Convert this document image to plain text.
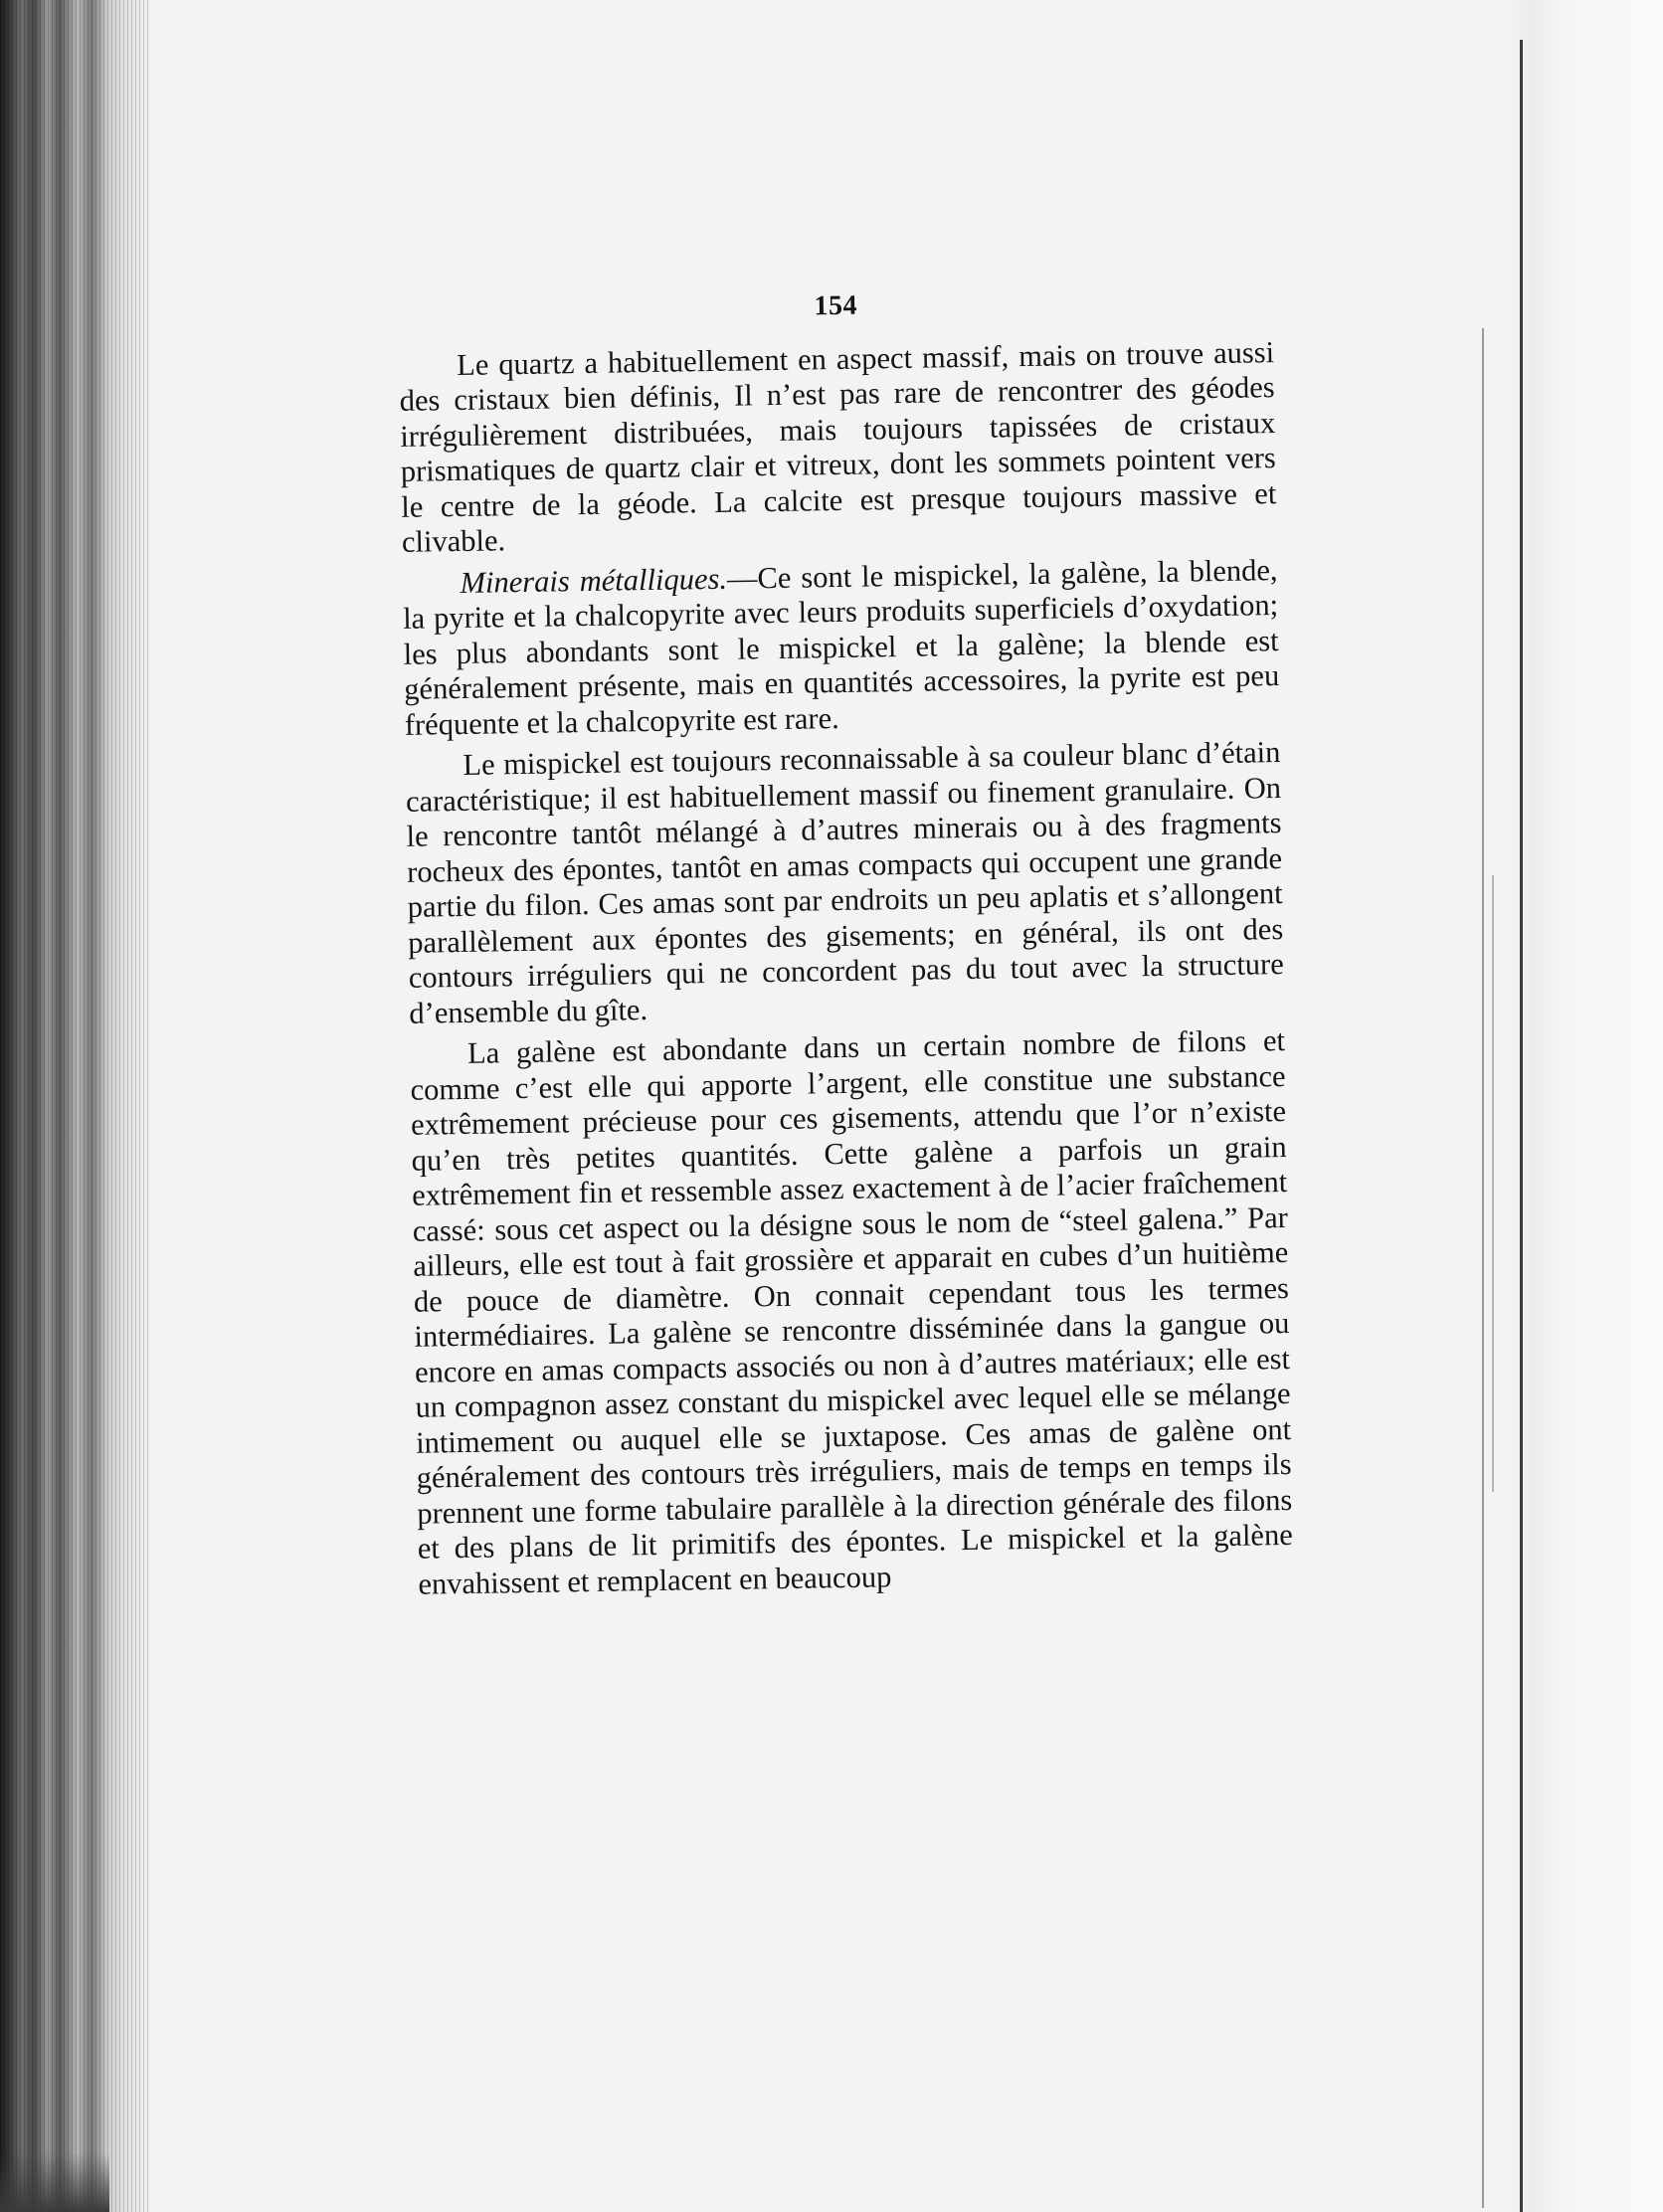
154

Le quartz a habituellement en aspect massif, mais on trouve aussi des cristaux bien définis, Il n’est pas rare de rencontrer des géodes irrégulièrement distribuées, mais toujours tapissées de cristaux prismatiques de quartz clair et vitreux, dont les sommets pointent vers le centre de la géode. La calcite est presque toujours massive et clivable.

Minerais métalliques.—Ce sont le mispickel, la galène, la blende, la pyrite et la chalcopyrite avec leurs produits superficiels d’oxydation; les plus abondants sont le mispickel et la galène; la blende est généralement présente, mais en quantités accessoires, la pyrite est peu fréquente et la chalcopyrite est rare.

Le mispickel est toujours reconnaissable à sa couleur blanc d’étain caractéristique; il est habituellement massif ou finement granulaire. On le rencontre tantôt mélangé à d’autres minerais ou à des fragments rocheux des épontes, tantôt en amas compacts qui occupent une grande partie du filon. Ces amas sont par endroits un peu aplatis et s’allongent parallèlement aux épontes des gisements; en général, ils ont des contours irréguliers qui ne concordent pas du tout avec la structure d’ensemble du gîte.

La galène est abondante dans un certain nombre de filons et comme c’est elle qui apporte l’argent, elle constitue une substance extrêmement précieuse pour ces gisements, attendu que l’or n’existe qu’en très petites quantités. Cette galène a parfois un grain extrêmement fin et ressemble assez exactement à de l’acier fraîchement cassé: sous cet aspect ou la désigne sous le nom de “steel galena.” Par ailleurs, elle est tout à fait grossière et apparait en cubes d’un huitième de pouce de diamètre. On connait cependant tous les termes intermédiaires. La galène se rencontre disséminée dans la gangue ou encore en amas compacts associés ou non à d’autres matériaux; elle est un compagnon assez constant du mispickel avec lequel elle se mélange intimement ou auquel elle se juxtapose. Ces amas de galène ont généralement des contours très irréguliers, mais de temps en temps ils prennent une forme tabulaire parallèle à la direction générale des filons et des plans de lit primitifs des épontes. Le mispickel et la galène envahissent et remplacent en beaucoup
